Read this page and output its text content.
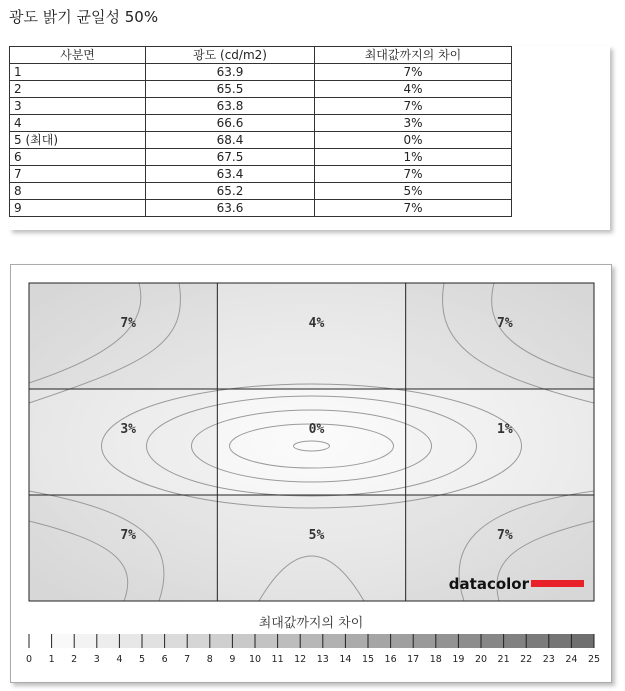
광도 밝기 균일성 50%
사분면	광도 (cd/m2)	최대값까지의 차이
1	63.9	7%
2	65.5	4%
3	63.8	7%
4	66.6	3%
5 (최대)	68.4	0%
6	67.5	1%
7	63.4	7%
8	65.2	5%
9	63.6	7%
7%	4%	7%
3%	0%	1%
7%	5%	7%
datacolor
최대값까지의 차이
0 1 2 3 4 5 6 7 8 9 10 11 12 13 14 15 16 17 18 19 20 21 22 23 24 25
